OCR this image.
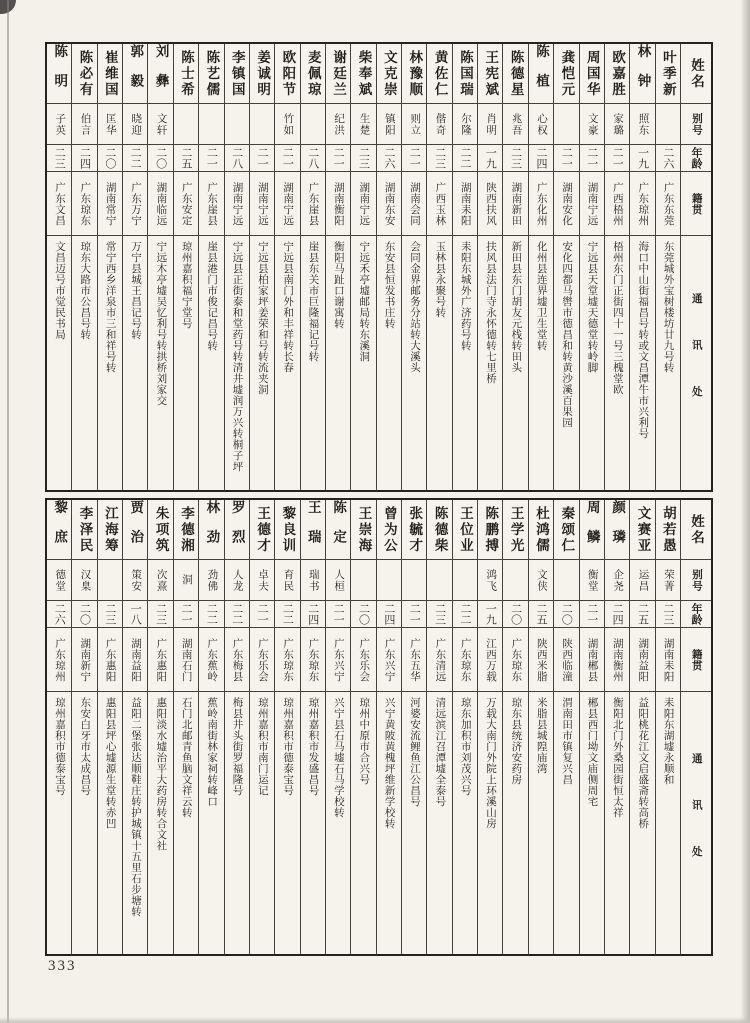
姓名
别号
年龄
籍贯
通讯处
叶季新
二六
广东东莞
东莞城外宝树楼坊廿九号转
林钟
照东
一九
广东琼州
海口中山街福昌号转或文昌潭牛市兴利号
欧嘉胜
家璐
二一
广西梧州
梧州东门正街四十一号三槐堂欧
周国华
文豪
二一
湖南宁远
宁远县天堂墟天德堂转岭脚
龚恺元
二一
湖南安化
安化四都马辔市德昌和转黄沙溪百果园
陈植
心权
二四
广东化州
化州县连界墟卫生堂转
陈德星
兆吾
二三
湖南新田
新田县东门胡友元栈转田头
王宪斌
肖明
一九
陕西扶风
扶风县法门寺永怀德转七里桥
陈国瑞
尔隆
二二
湖南耒阳
耒阳东城外广济药号转
黄佐仁
偕奇
二三
广西玉林
玉林县永聚号转
林豫顺
则立
二一
湖南会同
会同金界邮务分站转大溪头
文克崇
镇阳
二六
湖南东安
东安县恒发书庄转
柴奉斌
生楚
二三
湖南宁远
宁远禾亭墟邮局转东溪洞
谢廷兰
纪洪
二一
湖南衡阳
衡阳马趾口谢寓转
麦佩琼
二八
广东崖县
崖县东关市巨隆福记号转
欧阳节
竹如
二一
湖南宁远
宁远县南门外和丰祥转长春
姜诚明
二一
湖南宁远
宁远县柏家坪姜荣和号转流夹洞
李镇国
二八
湖南宁远
宁远县正街泰和堂药号转清井墟润万兴转桐子坪
陈艺儒
二一
广东崖县
崖县港门市俊记昌号转
陈士希
二五
广东安定
琼州嘉积福宁堂号
刘彝
文轩
二〇
湖南临远
宁远木亭墟吴忆利号转拱桥刘家交
郭毅
晓迎
二二
广东万宁
万宁县城王昌记号转
崔维国
匡华
二〇
湖南常宁
常宁西乡洋泉市三和祥号转
陈必有
伯言
二四
广东琼东
琼东大路市公昌号转
陈明
子英
二三
广东文昌
文昌迈号市觉民书局
姓名
别号
年龄
籍贯
通讯处
胡若愚
荣菁
二三
湖南耒阳
耒阳东湖墟永顺和
文赛亚
运昌
二五
湖南益阳
益阳桃花江文启盛斋转高桥
颜璘
企尧
二四
湖南衡州
衡阳北门外桑园街恒太祥
周鳞
衡堂
二一
湖南郴县
郴县西门坳文庙侧周宅
秦颂仁
二〇
陕西临潼
渭南田市镇复兴昌
杜鸿儒
文侠
二五
陕西米脂
米脂县城隍庙湾
王学光
二〇
广东琼东
琼东县统济安药房
陈鹏搏
鸿飞
一九
江西万载
万载大南门外院上环溪山房
王位业
二二
广东琼东
琼东加积市刘茂兴号
陈德柴
二三
广东清远
清远滨江召潭墟全泰号
张毓才
二一
广东五华
河婆安流鲤鱼江公昌号
曾为公
二四
广东兴宁
兴宁黄陂黄槐坪维新学校转
王崇海
二〇
广东乐会
琼州中原市合兴号
陈定
人桓
二一
广东兴宁
兴宁县石马墟石马学校转
王瑞
瑞书
二四
广东琼东
琼州嘉积市发盛昌号
黎良训
育民
二二
广东琼东
琼州嘉积市德泰宝号
王德才
卓夫
二一
广东乐会
琼州嘉积市南门运记
罗烈
人龙
二二
广东梅县
梅县井头街罗福隆号
林劲
劲佛
二二
广东蕉岭
蕉岭南街林家祠转峰口
李德湘
洞
二一
湖南石门
石门北邮青鱼脑文祥云转
朱项筑
次熹
二三
广东惠阳
惠阳淡水墟治平大药房转合文社
贾治
策安
一八
湖南益阳
益阳二堡张达顺鞋庄转护城镇十五里石步塘转
江海筹
二三
广东惠阳
惠阳县坪心墟源生堂转赤凹
李泽民
汉臬
二〇
湖南新宁
东安白牙市太成昌号
黎庶
德堂
二六
广东琼州
琼州嘉积市德泰宝号
333
